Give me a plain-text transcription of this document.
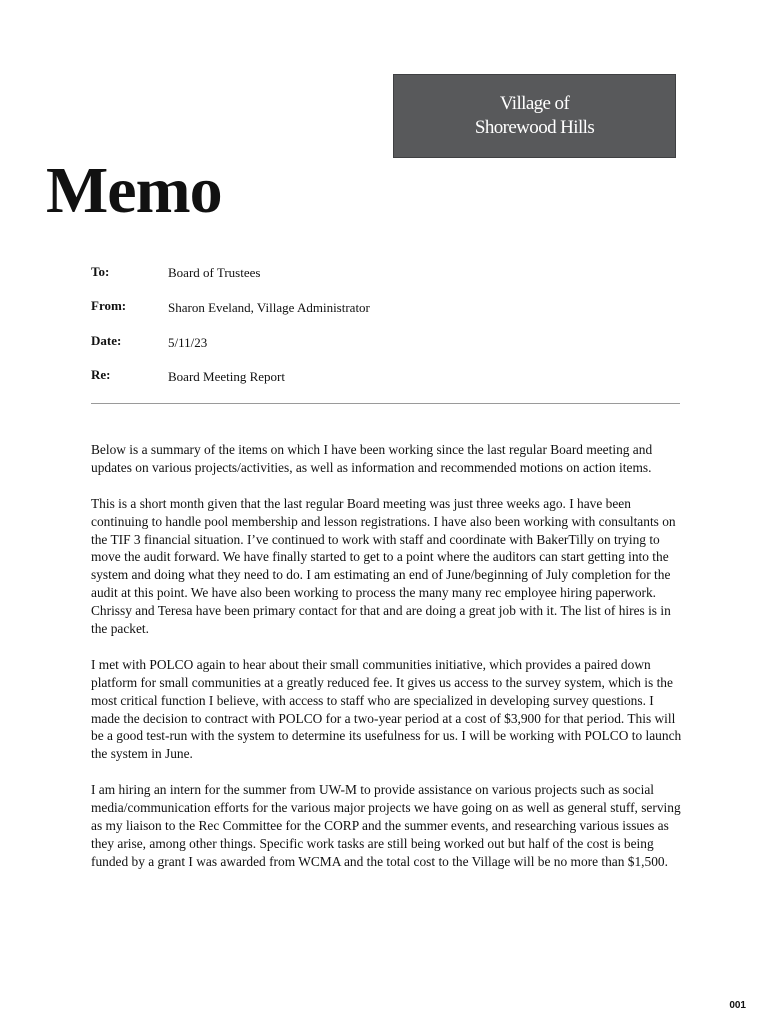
Village of
Shorewood Hills
Memo
To:	Board of Trustees
From:	Sharon Eveland, Village Administrator
Date:	5/11/23
Re:	Board Meeting Report

Below is a summary of the items on which I have been working since the last regular Board meeting and updates on various projects/activities, as well as information and recommended motions on action items.

This is a short month given that the last regular Board meeting was just three weeks ago. I have been continuing to handle pool membership and lesson registrations. I have also been working with consultants on the TIF 3 financial situation. I’ve continued to work with staff and coordinate with BakerTilly on trying to move the audit forward. We have finally started to get to a point where the auditors can start getting into the system and doing what they need to do. I am estimating an end of June/beginning of July completion for the audit at this point. We have also been working to process the many many rec employee hiring paperwork. Chrissy and Teresa have been primary contact for that and are doing a great job with it. The list of hires is in the packet.

I met with POLCO again to hear about their small communities initiative, which provides a paired down platform for small communities at a greatly reduced fee. It gives us access to the survey system, which is the most critical function I believe, with access to staff who are specialized in developing survey questions. I made the decision to contract with POLCO for a two-year period at a cost of $3,900 for that period. This will be a good test-run with the system to determine its usefulness for us. I will be working with POLCO to launch the system in June.

I am hiring an intern for the summer from UW-M to provide assistance on various projects such as social media/communication efforts for the various major projects we have going on as well as general stuff, serving as my liaison to the Rec Committee for the CORP and the summer events, and researching various issues as they arise, among other things. Specific work tasks are still being worked out but half of the cost is being funded by a grant I was awarded from WCMA and the total cost to the Village will be no more than $1,500.

001
